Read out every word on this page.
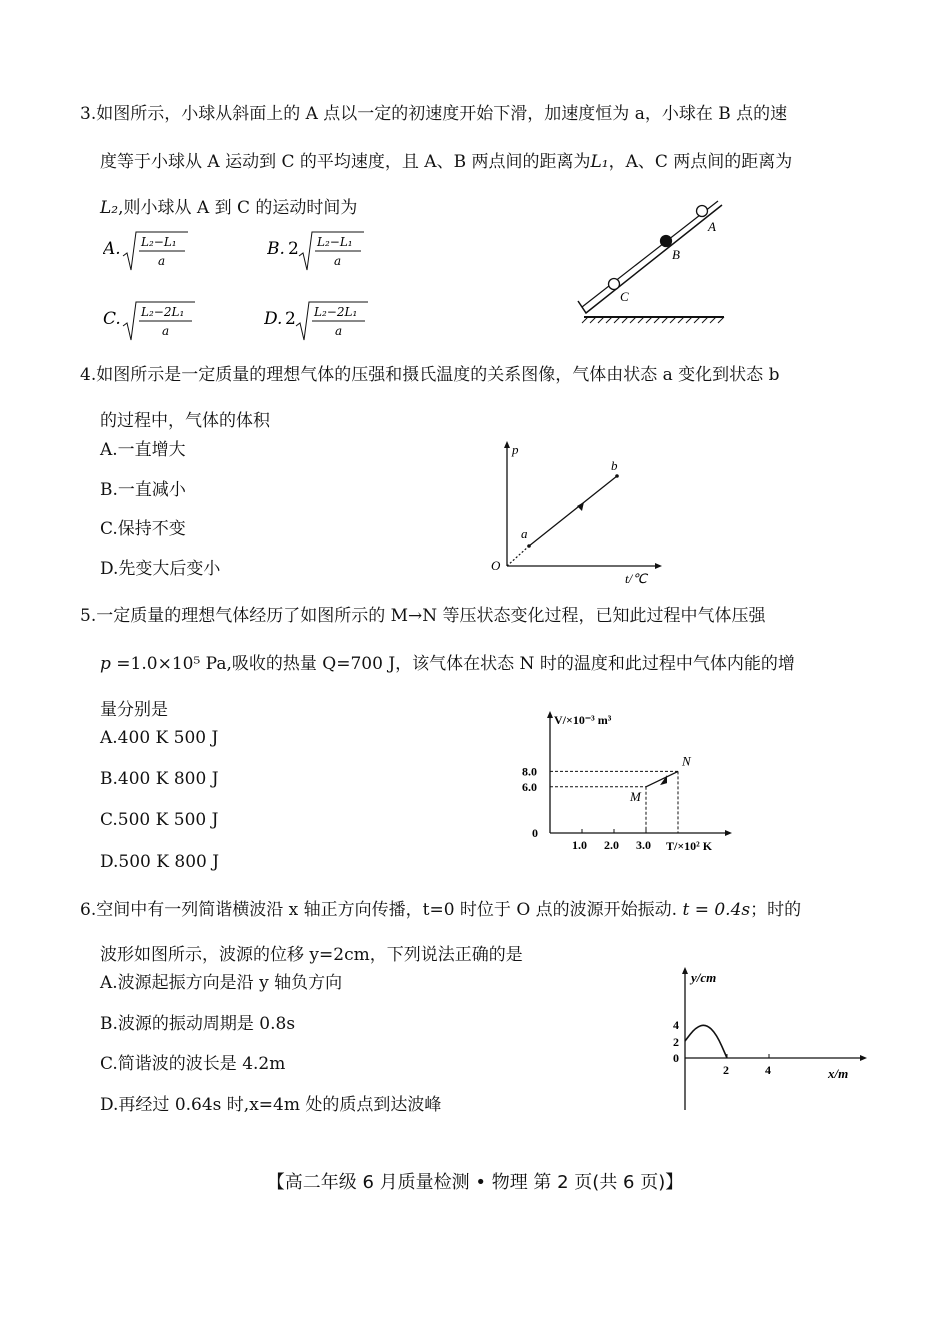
3.如图所示，小球从斜面上的 A 点以一定的初速度开始下滑，加速度恒为 a，小球在 B 点的速
度等于小球从 A 运动到 C 的平均速度，且 A、B 两点间的距离为L₁，A、C 两点间的距离为
L₂,则小球从 A 到 C 的运动时间为
A. L₂−L₁
a
B. 2 L₂−L₁
a
C. L₂−2L₁
a
D. 2 L₂−2L₁
a
A
B
C
4.如图所示是一定质量的理想气体的压强和摄氏温度的关系图像，气体由状态 a 变化到状态 b
的过程中，气体的体积
A.一直增大
B.一直减小
C.保持不变
D.先变大后变小
p
t/℃
O
a
b
5.一定质量的理想气体经历了如图所示的 M→N 等压状态变化过程，已知此过程中气体压强
p =1.0×10⁵ Pa,吸收的热量 Q=700 J，该气体在状态 N 时的温度和此过程中气体内能的增
量分别是
A.400 K 500 J
B.400 K 800 J
C.500 K 500 J
D.500 K 800 J
V/×10⁻³ m³
T/×10² K
0
1.0 2.0 3.0
6.0
8.0
M
N
6.空间中有一列简谐横波沿 x 轴正方向传播，t=0 时位于 O 点的波源开始振动. t = 0.4s；时的
波形如图所示，波源的位移 y=2cm，下列说法正确的是
A.波源起振方向是沿 y 轴负方向
B.波源的振动周期是 0.8s
C.简谐波的波长是 4.2m
D.再经过 0.64s 时,x=4m 处的质点到达波峰
y/cm
x/m
0
2	4
2
4
【高二年级 6 月质量检测 • 物理 第 2 页(共 6 页)】
